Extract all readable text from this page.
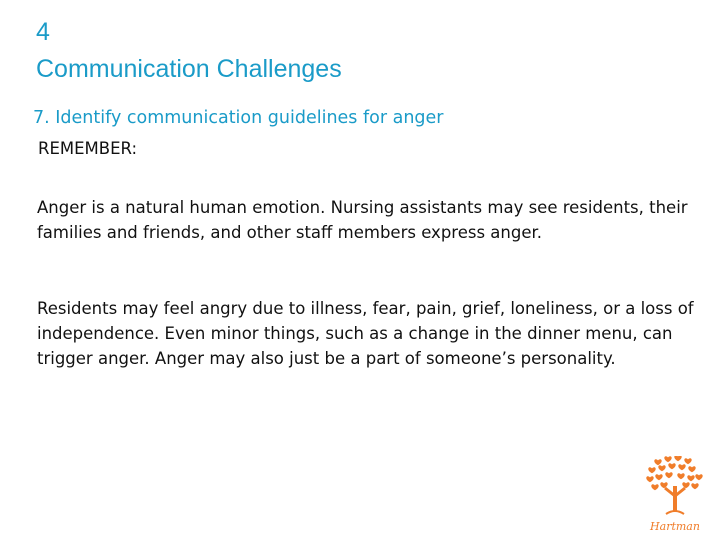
4
Communication Challenges
7. Identify communication guidelines for anger
REMEMBER:
Anger is a natural human emotion. Nursing assistants may see residents, their families and friends, and other staff members express anger.
Residents may feel angry due to illness, fear, pain, grief, loneliness, or a loss of independence. Even minor things, such as a change in the dinner menu, can trigger anger. Anger may also just be a part of someone’s personality.
Hartman
